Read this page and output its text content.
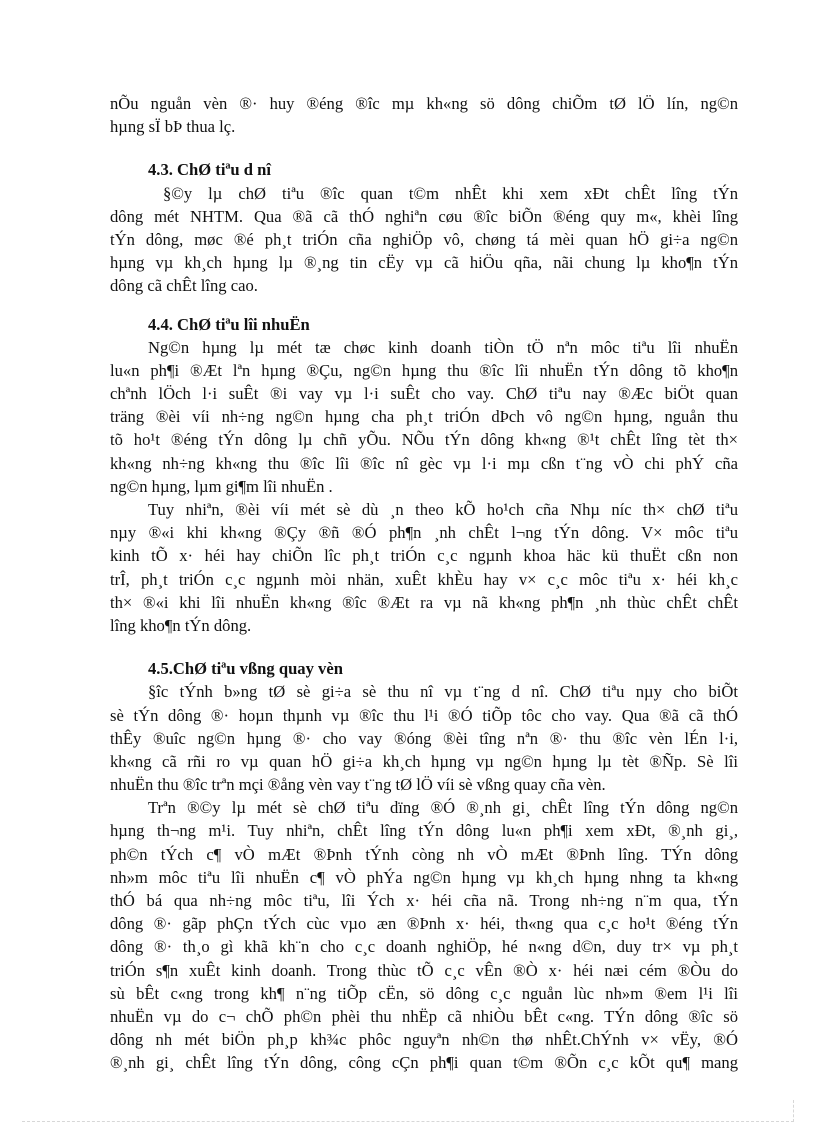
nÕu nguån vèn ®· huy ®éng ®îc mµ kh«ng sö dông chiÕm tØ lÖ lín, ng©n
hµng sÏ bÞ thua lç.
4.3. ChØ tiªu d nî
§©y lµ chØ tiªu ®îc quan t©m nhÊt khi xem xÐt chÊt lîng tÝn
dông mét NHTM. Qua ®ã cã thÓ nghiªn cøu ®îc biÕn ®éng quy m«, khèi lîng
tÝn dông, møc ®é ph¸t triÓn cña nghiÖp vô, chøng tá mèi quan hÖ gi÷a ng©n
hµng vµ kh¸ch hµng lµ ®¸ng tin cËy vµ cã hiÖu qña, nãi chung lµ kho¶n tÝn
dông cã chÊt lîng cao.
4.4. ChØ tiªu lîi nhuËn
Ng©n hµng lµ mét tæ chøc kinh doanh tiÒn tÖ nªn môc tiªu lîi nhuËn
lu«n ph¶i ®Æt lªn hµng ®Çu, ng©n hµng thu ®îc lîi nhuËn tÝn dông tõ kho¶n
chªnh lÖch l·i suÊt ®i vay vµ l·i suÊt cho vay. ChØ tiªu nay ®Æc biÖt quan
träng ®èi víi nh÷ng ng©n hµng cha ph¸t triÓn dÞch vô ng©n hµng, nguån thu
tõ ho¹t ®éng tÝn dông lµ chñ yÕu. NÕu tÝn dông kh«ng ®¹t chÊt lîng tèt th×
kh«ng nh÷ng kh«ng thu ®îc lîi ®îc nî gèc vµ l·i mµ cßn t¨ng vÒ chi phÝ cña
ng©n hµng, lµm gi¶m lîi nhuËn .
Tuy nhiªn, ®èi víi mét sè dù ¸n theo kÕ ho¹ch cña Nhµ níc th× chØ tiªu
nµy ®«i khi kh«ng ®Çy ®ñ ®Ó ph¶n ¸nh chÊt l¬ng tÝn dông. V× môc tiªu
kinh tÕ x· héi hay chiÕn lîc ph¸t triÓn c¸c ngµnh khoa häc kü thuËt cßn non
trÎ, ph¸t triÓn c¸c ngµnh mòi nhän, xuÊt khÈu hay v× c¸c môc tiªu x· héi kh¸c
th× ®«i khi lîi nhuËn kh«ng ®îc ®Æt ra vµ nã kh«ng ph¶n ¸nh thùc chÊt chÊt
lîng kho¶n tÝn dông.
4.5.ChØ tiªu vßng quay vèn
§îc tÝnh b»ng tØ sè gi÷a sè thu nî vµ t¨ng d nî. ChØ tiªu nµy cho biÕt
sè tÝn dông ®· hoµn thµnh vµ ®îc thu l¹i ®Ó tiÕp tôc cho vay. Qua ®ã cã thÓ
thÊy ®uîc ng©n hµng ®· cho vay ®óng ®èi tîng nªn ®· thu ®îc vèn lÉn l·i,
kh«ng cã rñi ro vµ quan hÖ gi÷a kh¸ch hµng vµ ng©n hµng lµ tèt ®Ñp. Sè lîi
nhuËn thu ®îc trªn mçi ®ång vèn vay t¨ng tØ lÖ víi sè vßng quay cña vèn.
Trªn ®©y lµ mét sè chØ tiªu dïng ®Ó ®¸nh gi¸ chÊt lîng tÝn dông ng©n
hµng th¬ng m¹i. Tuy nhiªn, chÊt lîng tÝn dông lu«n ph¶i xem xÐt, ®¸nh gi¸,
ph©n tÝch c¶ vÒ mÆt ®Þnh tÝnh còng nh vÒ mÆt ®Þnh lîng. TÝn dông
nh»m môc tiªu lîi nhuËn c¶ vÒ phÝa ng©n hµng vµ kh¸ch hµng nhng ta kh«ng
thÓ bá qua nh÷ng môc tiªu, lîi Ých x· héi cña nã. Trong nh÷ng n¨m qua, tÝn
dông ®· gãp phÇn tÝch cùc vµo æn ®Þnh x· héi, th«ng qua c¸c ho¹t ®éng tÝn
dông ®· th¸o gì khã kh¨n cho c¸c doanh nghiÖp, hé n«ng d©n, duy tr× vµ ph¸t
triÓn s¶n xuÊt kinh doanh. Trong thùc tÕ c¸c vÊn ®Ò x· héi næi cém ®Òu do
sù bÊt c«ng trong kh¶ n¨ng tiÕp cËn, sö dông c¸c nguån lùc nh»m ®em l¹i lîi
nhuËn vµ do c¬ chÕ ph©n phèi thu nhËp cã nhiÒu bÊt c«ng. TÝn dông ®îc sö
dông nh mét biÖn ph¸p kh¾c phôc nguyªn nh©n thø nhÊt.ChÝnh v× vËy, ®Ó
®¸nh gi¸ chÊt lîng tÝn dông, công cÇn ph¶i quan t©m ®Õn c¸c kÕt qu¶ mang
